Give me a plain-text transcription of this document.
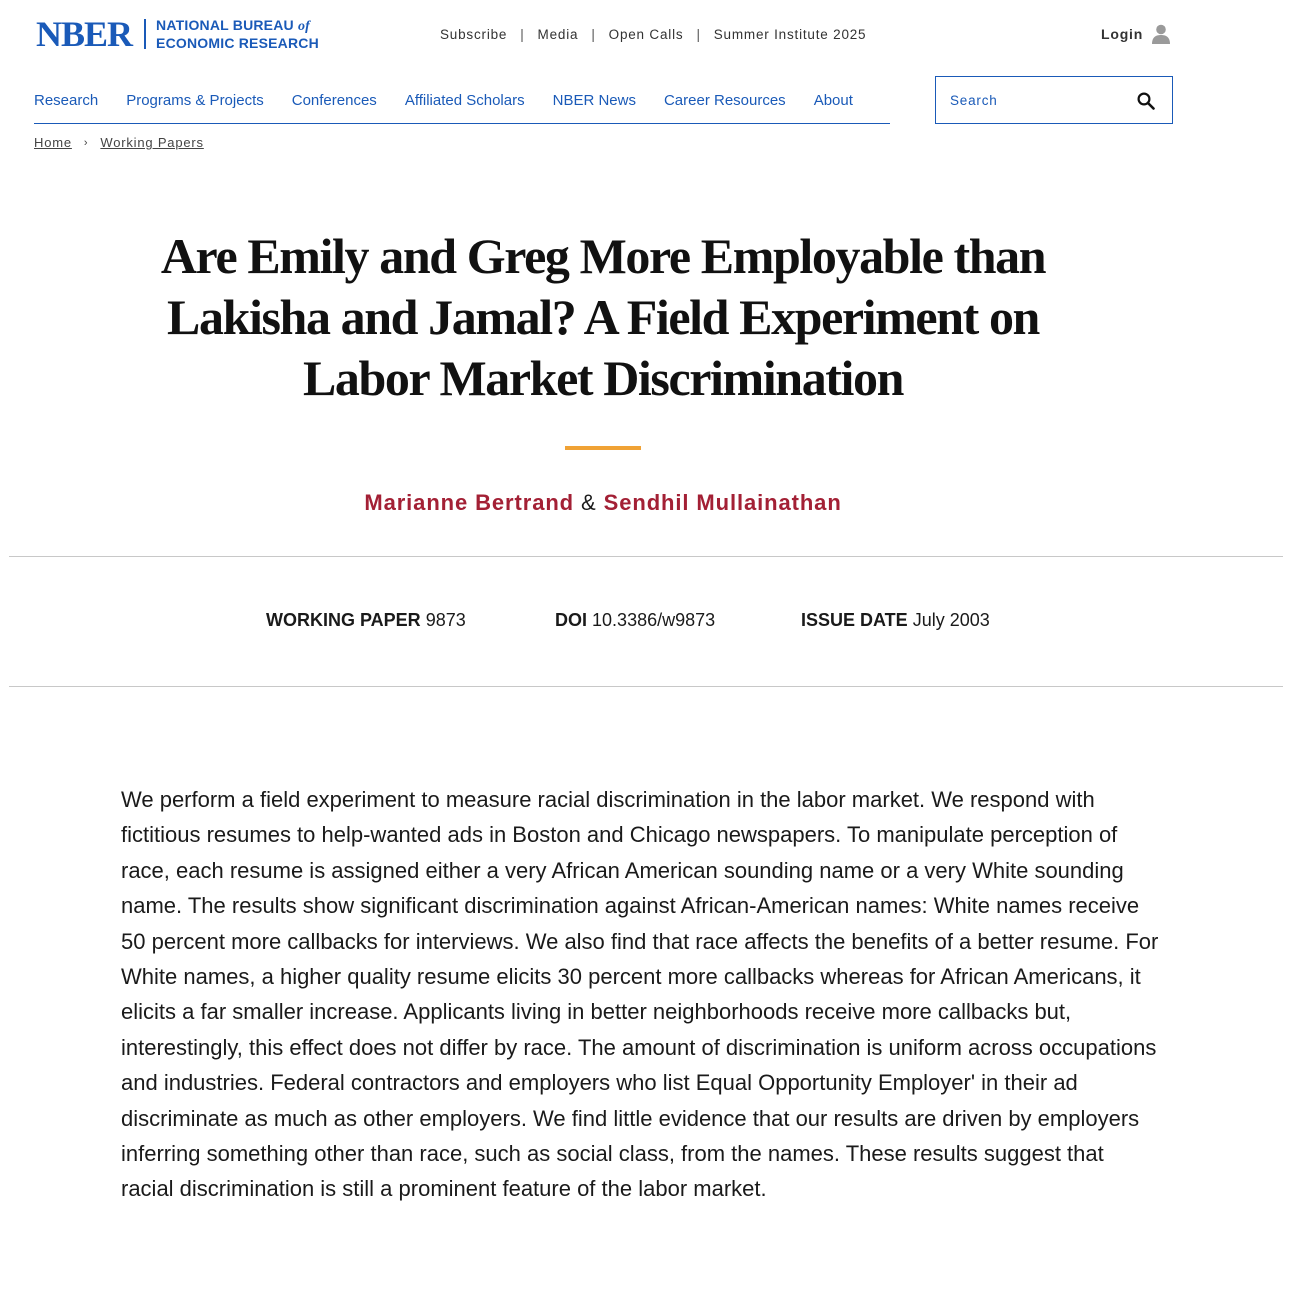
NBER NATIONAL BUREAU of
ECONOMIC RESEARCH
Subscribe | Media | Open Calls | Summer Institute 2025	Login
Research Programs & Projects Conferences Affiliated Scholars NBER News Career Resources About
Search
Home › Working Papers
Are Emily and Greg More Employable than Lakisha and Jamal? A Field Experiment on Labor Market Discrimination
Marianne Bertrand & Sendhil Mullainathan
WORKING PAPER 9873	DOI 10.3386/w9873	ISSUE DATE July 2003

We perform a field experiment to measure racial discrimination in the labor market. We respond with fictitious resumes to help-wanted ads in Boston and Chicago newspapers. To manipulate perception of race, each resume is assigned either a very African American sounding name or a very White sounding name. The results show significant discrimination against African-American names: White names receive 50 percent more callbacks for interviews. We also find that race affects the benefits of a better resume. For White names, a higher quality resume elicits 30 percent more callbacks whereas for African Americans, it elicits a far smaller increase. Applicants living in better neighborhoods receive more callbacks but, interestingly, this effect does not differ by race. The amount of discrimination is uniform across occupations and industries. Federal contractors and employers who list Equal Opportunity Employer' in their ad discriminate as much as other employers. We find little evidence that our results are driven by employers inferring something other than race, such as social class, from the names. These results suggest that racial discrimination is still a prominent feature of the labor market.
